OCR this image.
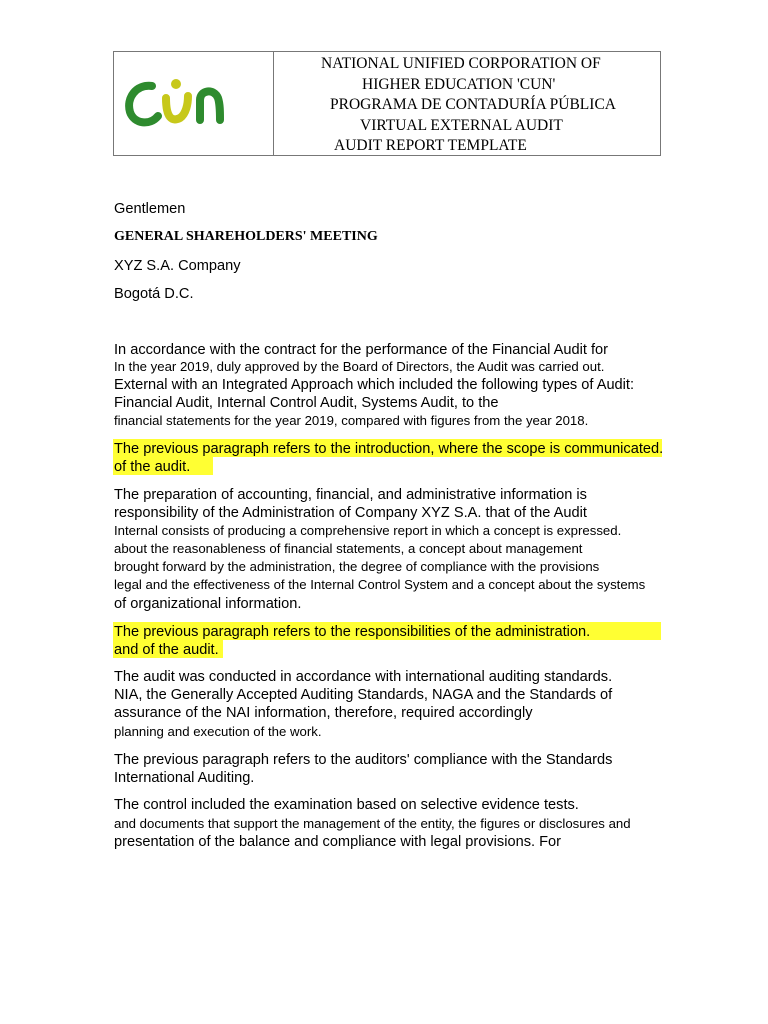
NATIONAL UNIFIED CORPORATION OF
HIGHER EDUCATION 'CUN'
PROGRAMA DE CONTADURÍA PÚBLICA
VIRTUAL EXTERNAL AUDIT
AUDIT REPORT TEMPLATE
Gentlemen
GENERAL SHAREHOLDERS' MEETING
XYZ S.A. Company
Bogotá D.C.
In accordance with the contract for the performance of the Financial Audit for
In the year 2019, duly approved by the Board of Directors, the Audit was carried out.
External with an Integrated Approach which included the following types of Audit:
Financial Audit, Internal Control Audit, Systems Audit, to the
financial statements for the year 2019, compared with figures from the year 2018.
The previous paragraph refers to the introduction, where the scope is communicated.
of the audit.
The preparation of accounting, financial, and administrative information is
responsibility of the Administration of Company XYZ S.A. that of the Audit
Internal consists of producing a comprehensive report in which a concept is expressed.
about the reasonableness of financial statements, a concept about management
brought forward by the administration, the degree of compliance with the provisions
legal and the effectiveness of the Internal Control System and a concept about the systems
of organizational information.
The previous paragraph refers to the responsibilities of the administration.
and of the audit.
The audit was conducted in accordance with international auditing standards.
NIA, the Generally Accepted Auditing Standards, NAGA and the Standards of
assurance of the NAI information, therefore, required accordingly
planning and execution of the work.
The previous paragraph refers to the auditors' compliance with the Standards
International Auditing.
The control included the examination based on selective evidence tests.
and documents that support the management of the entity, the figures or disclosures and
presentation of the balance and compliance with legal provisions. For
